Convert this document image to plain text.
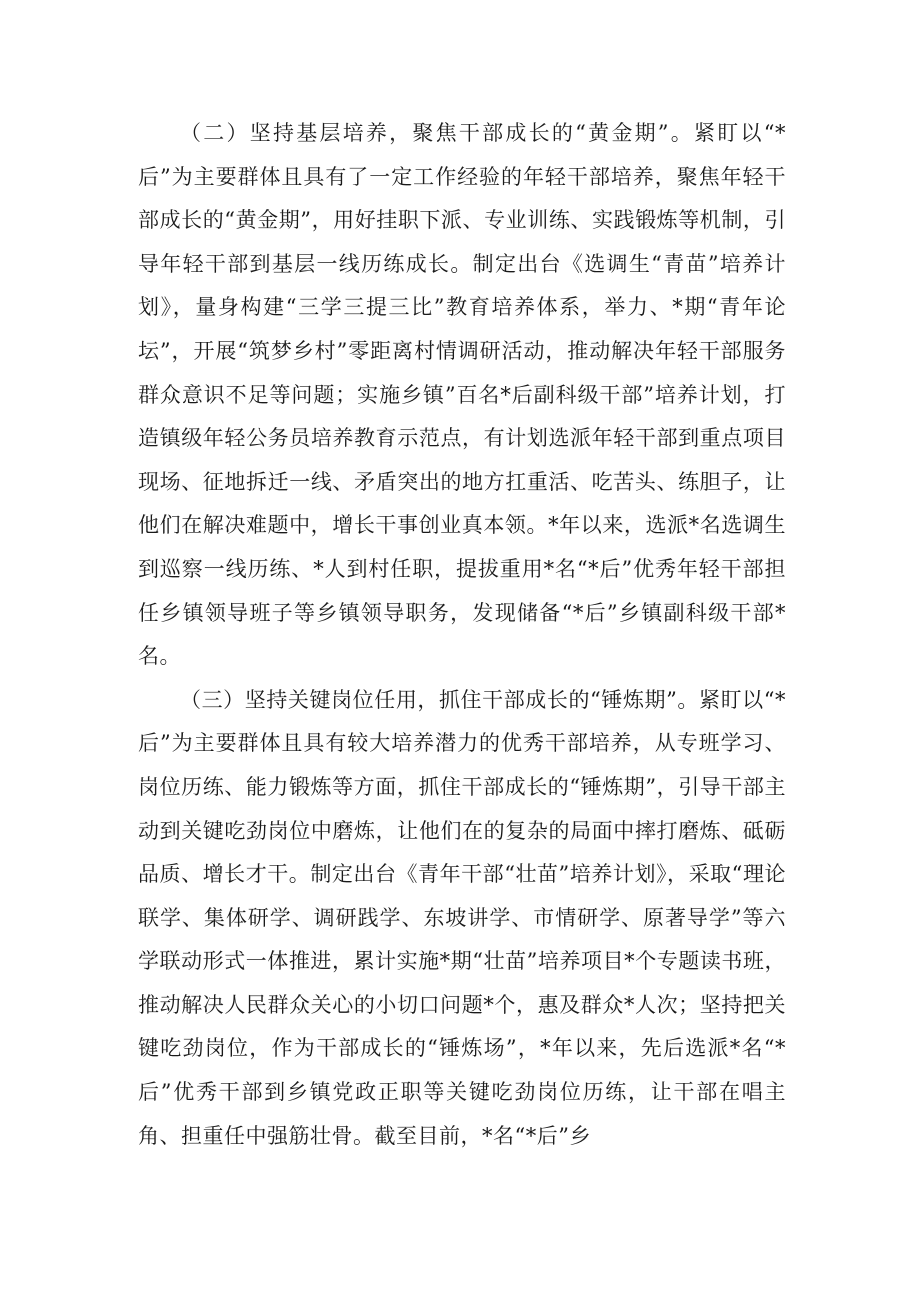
（二）坚持基层培养，聚焦干部成长的“黄金期”。紧盯以“*后”为主要群体且具有了一定工作经验的年轻干部培养，聚焦年轻干部成长的“黄金期”，用好挂职下派、专业训练、实践锻炼等机制，引导年轻干部到基层一线历练成长。制定出台《选调生“青苗”培养计划》，量身构建“三学三提三比”教育培养体系，举力、*期“青年论坛”，开展“筑梦乡村”零距离村情调研活动，推动解决年轻干部服务群众意识不足等问题；实施乡镇”百名*后副科级干部”培养计划，打造镇级年轻公务员培养教育示范点，有计划选派年轻干部到重点项目现场、征地拆迁一线、矛盾突出的地方扛重活、吃苦头、练胆子，让他们在解决难题中，增长干事创业真本领。*年以来，选派*名选调生到巡察一线历练、*人到村任职，提拔重用*名“*后”优秀年轻干部担任乡镇领导班子等乡镇领导职务，发现储备“*后”乡镇副科级干部*名。

（三）坚持关键岗位任用，抓住干部成长的“锤炼期”。紧盯以“*后”为主要群体且具有较大培养潜力的优秀干部培养，从专班学习、岗位历练、能力锻炼等方面，抓住干部成长的“锤炼期”，引导干部主动到关键吃劲岗位中磨炼，让他们在的复杂的局面中摔打磨炼、砥砺品质、增长才干。制定出台《青年干部“壮苗”培养计划》，采取“理论联学、集体研学、调研践学、东坡讲学、市情研学、原著导学”等六学联动形式一体推进，累计实施*期“壮苗”培养项目*个专题读书班，推动解决人民群众关心的小切口问题*个，惠及群众*人次；坚持把关键吃劲岗位，作为干部成长的“锤炼场”，*年以来，先后选派*名“*后”优秀干部到乡镇党政正职等关键吃劲岗位历练，让干部在唱主角、担重任中强筋壮骨。截至目前，*名“*后”乡
